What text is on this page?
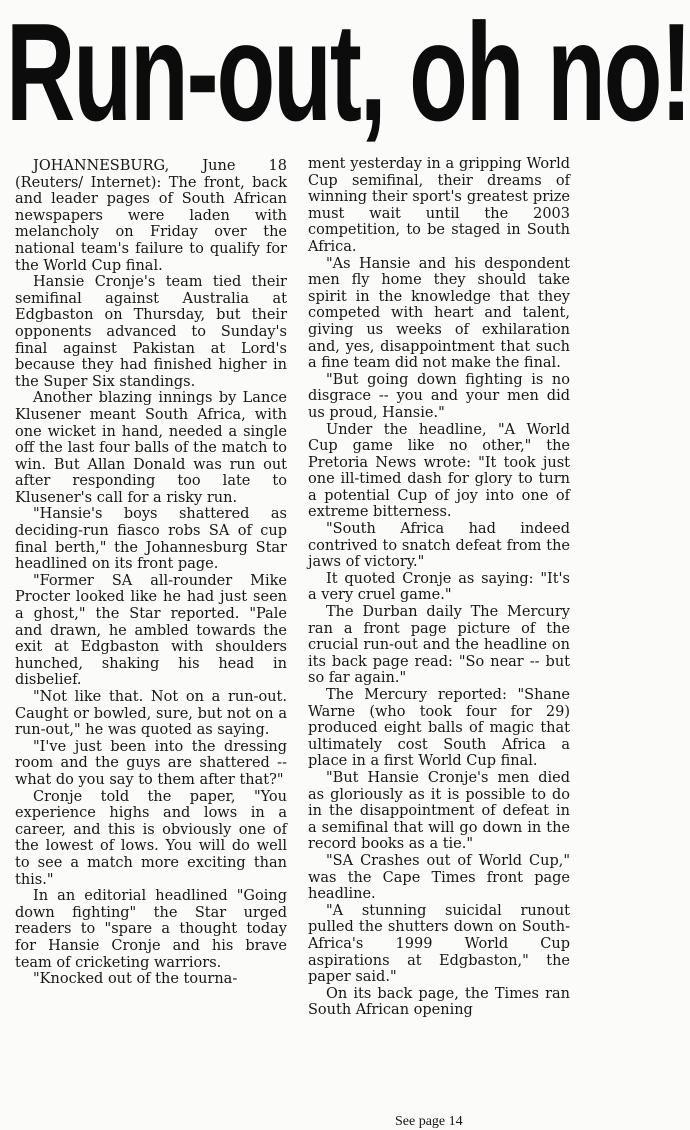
Run-out, oh no!

JOHANNESBURG, June 18 (Reuters/ Internet): The front, back and leader pages of South African newspapers were laden with melancholy on Friday over the national team's failure to qualify for the World Cup final.

Hansie Cronje's team tied their semifinal against Australia at Edgbaston on Thursday, but their opponents advanced to Sunday's final against Pakistan at Lord's because they had finished higher in the Super Six standings.

Another blazing innings by Lance Klusener meant South Africa, with one wicket in hand, needed a single off the last four balls of the match to win. But Allan Donald was run out after responding too late to Klusener's call for a risky run.

"Hansie's boys shattered as deciding-run fiasco robs SA of cup final berth," the Johannesburg Star headlined on its front page.

"Former SA all-rounder Mike Procter looked like he had just seen a ghost," the Star reported. "Pale and drawn, he ambled towards the exit at Edgbaston with shoulders hunched, shaking his head in disbelief.

"Not like that. Not on a run-out. Caught or bowled, sure, but not on a run-out," he was quoted as saying.

"I've just been into the dressing room and the guys are shattered -- what do you say to them after that?"

Cronje told the paper, "You experience highs and lows in a career, and this is obviously one of the lowest of lows. You will do well to see a match more exciting than this."

In an editorial headlined "Going down fighting" the Star urged readers to "spare a thought today for Hansie Cronje and his brave team of cricketing warriors.

"Knocked out of the tourna-

ment yesterday in a gripping World Cup semifinal, their dreams of winning their sport's greatest prize must wait until the 2003 competition, to be staged in South Africa.

"As Hansie and his despondent men fly home they should take spirit in the knowledge that they competed with heart and talent, giving us weeks of exhilaration and, yes, disappointment that such a fine team did not make the final.

"But going down fighting is no disgrace -- you and your men did us proud, Hansie."

Under the headline, "A World Cup game like no other," the Pretoria News wrote: "It took just one ill-timed dash for glory to turn a potential Cup of joy into one of extreme bitterness.

"South Africa had indeed contrived to snatch defeat from the jaws of victory."

It quoted Cronje as saying: "It's a very cruel game."

The Durban daily The Mercury ran a front page picture of the crucial run-out and the headline on its back page read: "So near -- but so far again."

The Mercury reported: "Shane Warne (who took four for 29) produced eight balls of magic that ultimately cost South Africa a place in a first World Cup final.

"But Hansie Cronje's men died as gloriously as it is possible to do in the disappointment of defeat in a semifinal that will go down in the record books as a tie."

"SA Crashes out of World Cup," was the Cape Times front page headline.

"A stunning suicidal runout pulled the shutters down on South-Africa's 1999 World Cup aspirations at Edgbaston," the paper said."

On its back page, the Times ran South African opening

See page 14
